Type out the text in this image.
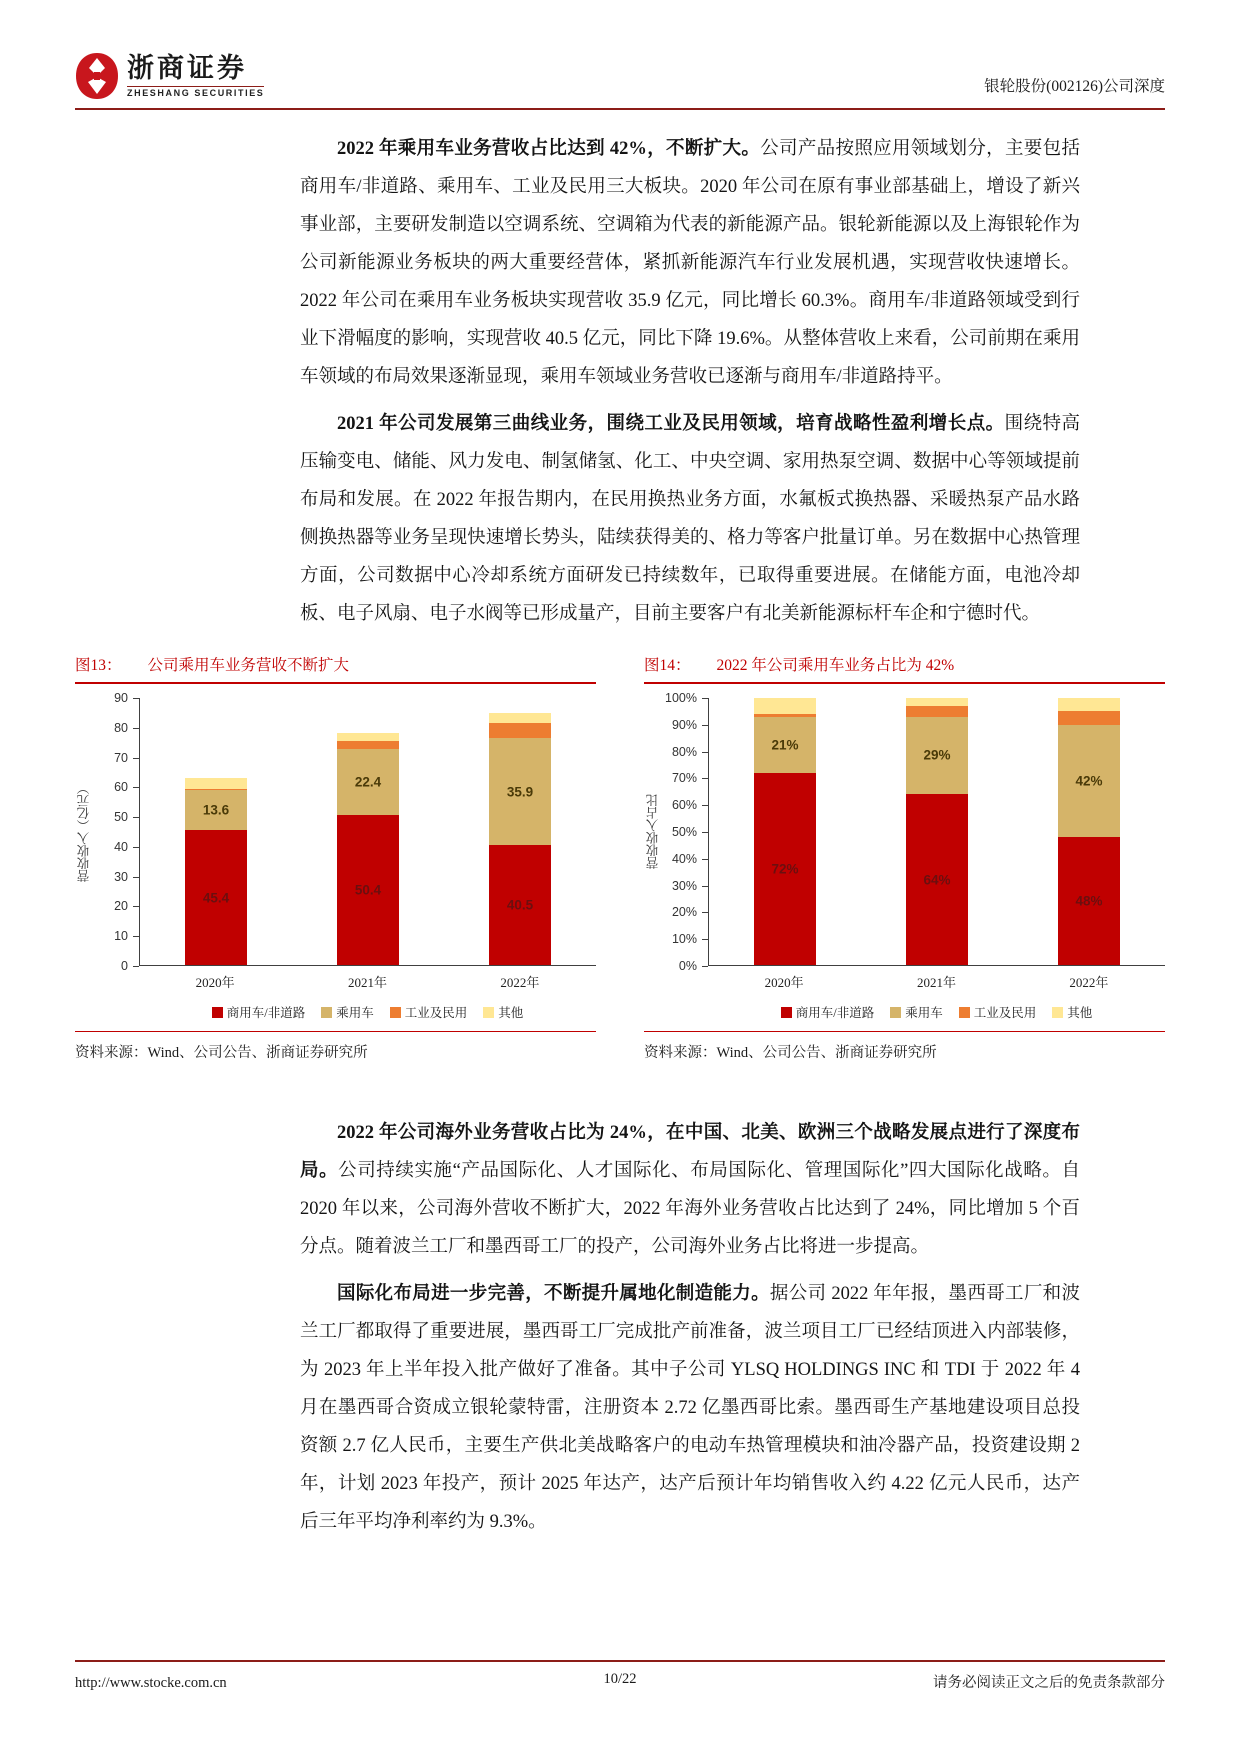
浙商证券
ZHESHANG SECURITIES	银轮股份(002126)公司深度

2022 年乘用车业务营收占比达到 42%，不断扩大。公司产品按照应用领域划分，主要包括商用车/非道路、乘用车、工业及民用三大板块。2020 年公司在原有事业部基础上，增设了新兴事业部，主要研发制造以空调系统、空调箱为代表的新能源产品。银轮新能源以及上海银轮作为公司新能源业务板块的两大重要经营体，紧抓新能源汽车行业发展机遇，实现营收快速增长。2022 年公司在乘用车业务板块实现营收 35.9 亿元，同比增长 60.3%。商用车/非道路领域受到行业下滑幅度的影响，实现营收 40.5 亿元，同比下降 19.6%。从整体营收上来看，公司前期在乘用车领域的布局效果逐渐显现，乘用车领域业务营收已逐渐与商用车/非道路持平。

2021 年公司发展第三曲线业务，围绕工业及民用领域，培育战略性盈利增长点。围绕特高压输变电、储能、风力发电、制氢储氢、化工、中央空调、家用热泵空调、数据中心等领域提前布局和发展。在 2022 年报告期内，在民用换热业务方面，水氟板式换热器、采暖热泵产品水路侧换热器等业务呈现快速增长势头，陆续获得美的、格力等客户批量订单。另在数据中心热管理方面，公司数据中心冷却系统方面研发已持续数年，已取得重要进展。在储能方面，电池冷却板、电子风扇、电子水阀等已形成量产，目前主要客户有北美新能源标杆车企和宁德时代。

图13： 公司乘用车业务营收不断扩大
营收收入（亿元）
90
80
70
60
50
40
30
20
10
0
45.4
13.6
50.4
22.4
40.5
35.9
2020年	2021年	2022年
商用车/非道路 乘用车 工业及民用 其他
资料来源：Wind、公司公告、浙商证券研究所
图14： 2022 年公司乘用车业务占比为 42%
营收收入占比
100%
90%
80%
70%
60%
50%
40%
30%
20%
10%
0%
72%
21%
64%
29%
48%
42%
2020年	2021年	2022年
商用车/非道路 乘用车 工业及民用 其他
资料来源：Wind、公司公告、浙商证券研究所

2022 年公司海外业务营收占比为 24%，在中国、北美、欧洲三个战略发展点进行了深度布局。公司持续实施“产品国际化、人才国际化、布局国际化、管理国际化”四大国际化战略。自 2020 年以来，公司海外营收不断扩大，2022 年海外业务营收占比达到了 24%，同比增加 5 个百分点。随着波兰工厂和墨西哥工厂的投产，公司海外业务占比将进一步提高。

国际化布局进一步完善，不断提升属地化制造能力。据公司 2022 年年报，墨西哥工厂和波兰工厂都取得了重要进展，墨西哥工厂完成批产前准备，波兰项目工厂已经结顶进入内部装修，为 2023 年上半年投入批产做好了准备。其中子公司 YLSQ HOLDINGS INC 和 TDI 于 2022 年 4 月在墨西哥合资成立银轮蒙特雷，注册资本 2.72 亿墨西哥比索。墨西哥生产基地建设项目总投资额 2.7 亿人民币，主要生产供北美战略客户的电动车热管理模块和油冷器产品，投资建设期 2 年，计划 2023 年投产，预计 2025 年达产，达产后预计年均销售收入约 4.22 亿元人民币，达产后三年平均净利率约为 9.3%。

10/22
http://www.stocke.com.cn	请务必阅读正文之后的免责条款部分
